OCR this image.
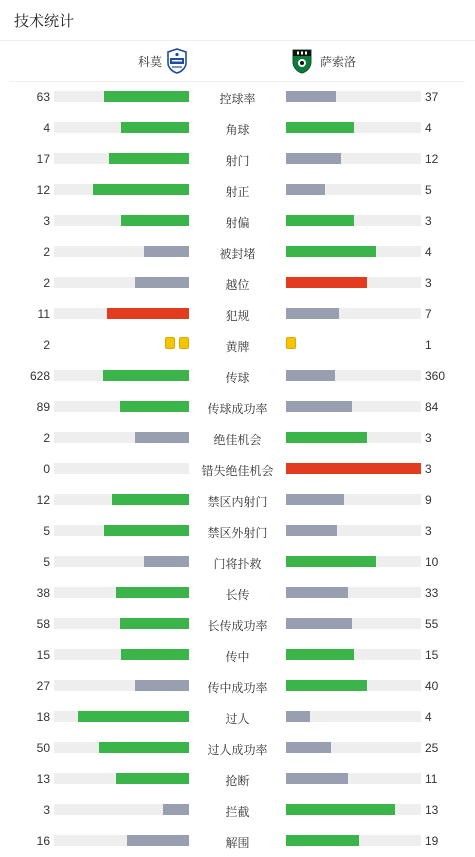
技术统计
科莫	萨索洛
63	控球率	37
4	角球	4
17	射门	12
12	射正	5
3	射偏	3
2	被封堵	4
2	越位	3
11	犯规	7
2	黄牌	1
628	传球	360
89	传球成功率	84
2	绝佳机会	3
0	错失绝佳机会	3
12	禁区内射门	9
5	禁区外射门	3
5	门将扑救	10
38	长传	33
58	长传成功率	55
15	传中	15
27	传中成功率	40
18	过人	4
50	过人成功率	25
13	抢断	11
3	拦截	13
16	解围	19
